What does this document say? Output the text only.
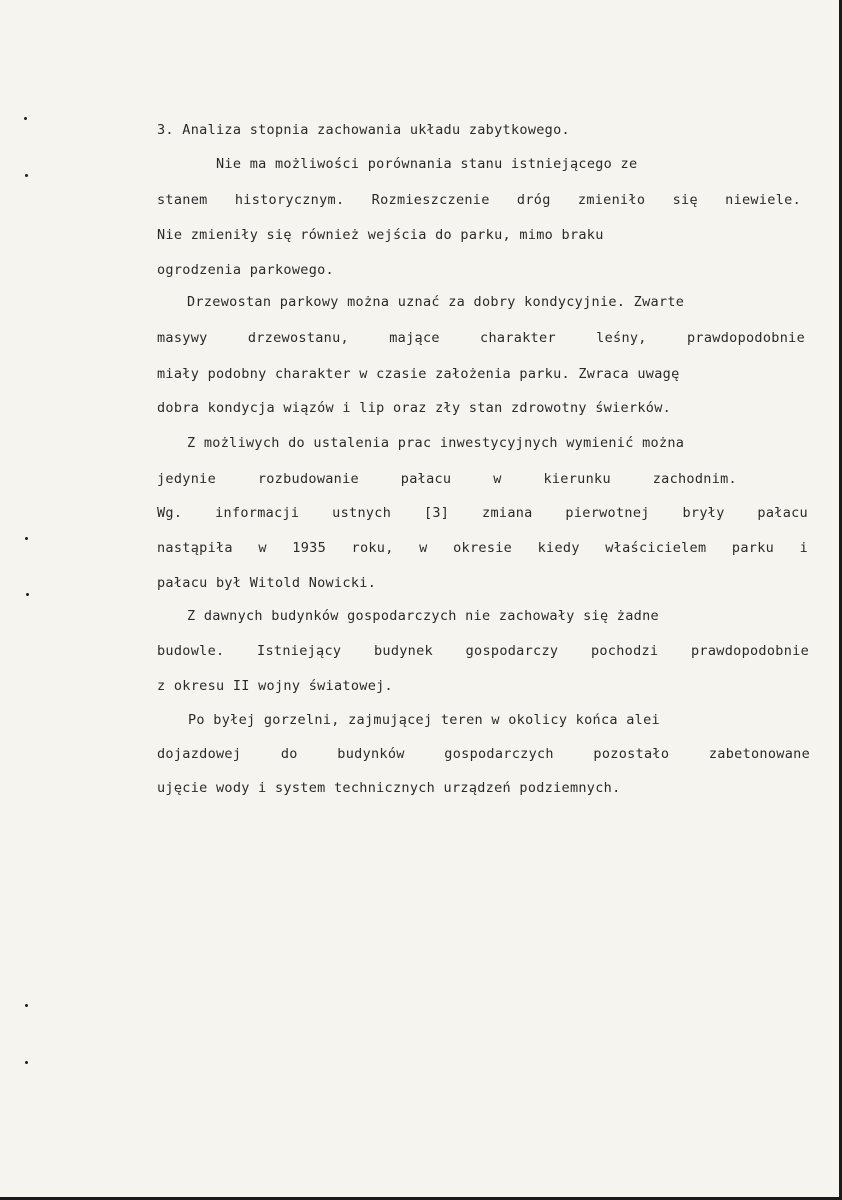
3. Analiza stopnia zachowania układu zabytkowego.
Nie ma możliwości porównania stanu istniejącego ze
stanem historycznym. Rozmieszczenie dróg zmieniło się niewiele.
Nie zmieniły się również wejścia do parku, mimo braku
ogrodzenia parkowego.
Drzewostan parkowy można uznać za dobry kondycyjnie. Zwarte
masywy drzewostanu, mające charakter leśny, prawdopodobnie
miały podobny charakter w czasie założenia parku. Zwraca uwagę
dobra kondycja wiązów i lip oraz zły stan zdrowotny świerków.
Z możliwych do ustalenia prac inwestycyjnych wymienić można
jedynie rozbudowanie pałacu w kierunku zachodnim.
Wg. informacji ustnych [3] zmiana pierwotnej bryły pałacu
nastąpiła w 1935 roku, w okresie kiedy właścicielem parku i
pałacu był Witold Nowicki.
Z dawnych budynków gospodarczych nie zachowały się żadne
budowle. Istniejący budynek gospodarczy pochodzi prawdopodobnie
z okresu II wojny światowej.
Po byłej gorzelni, zajmującej teren w okolicy końca alei
dojazdowej do budynków gospodarczych pozostało zabetonowane
ujęcie wody i system technicznych urządzeń podziemnych.
